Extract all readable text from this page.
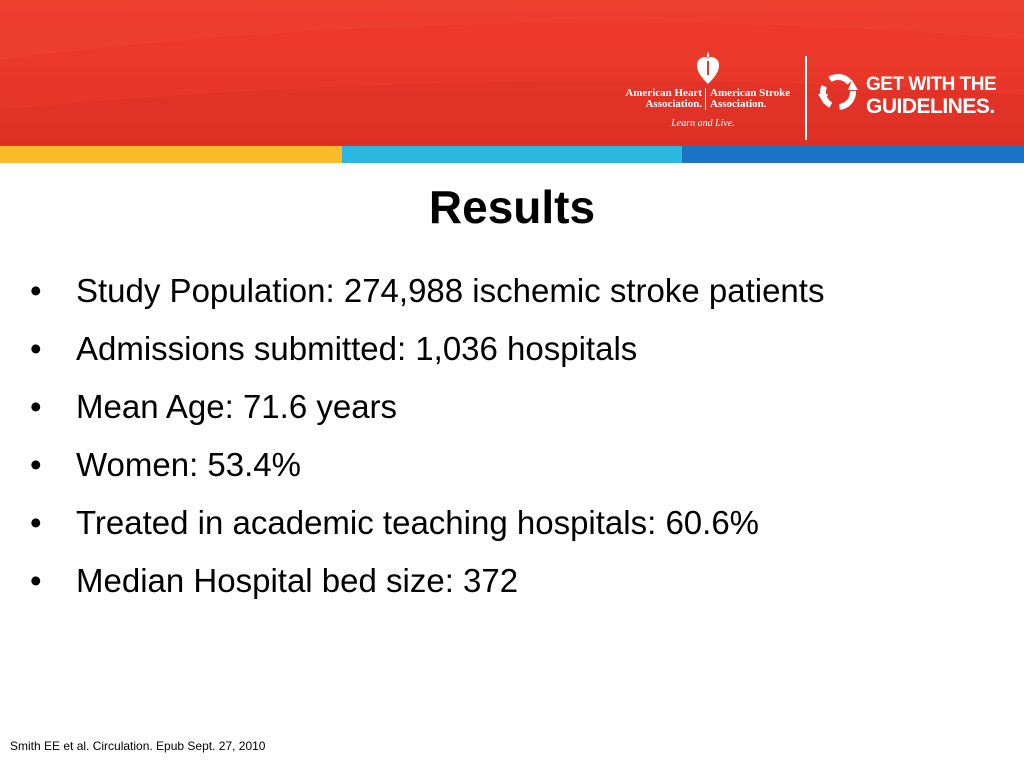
American Heart
Association.
American Stroke
Association.
Learn and Live.
GET WITH THE
GUIDELINES.
Results
• Study Population: 274,988 ischemic stroke patients
• Admissions submitted: 1,036 hospitals
• Mean Age: 71.6 years
• Women: 53.4%
• Treated in academic teaching hospitals: 60.6%
• Median Hospital bed size: 372
Smith EE et al. Circulation. Epub Sept. 27, 2010
